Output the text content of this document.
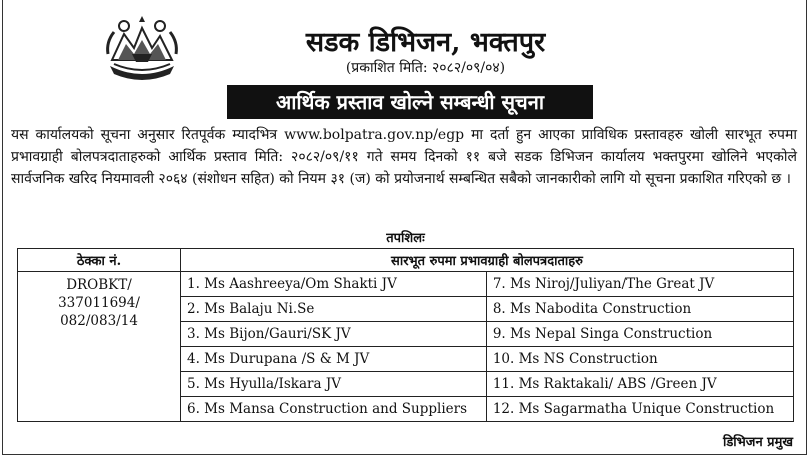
सडक डिभिजन, भक्तपुर
(प्रकाशित मिति: २०८२/०९/०४)
आर्थिक प्रस्ताव खोल्ने सम्बन्धी सूचना
यस कार्यालयको सूचना अनुसार रितपूर्वक म्यादभित्र www.bolpatra.gov.np/egp मा दर्ता हुन आएका प्राविधिक प्रस्तावहरु खोली सारभूत रुपमा प्रभावग्राही बोलपत्रदाताहरुको आर्थिक प्रस्ताव मिति: २०८२/०९/११ गते समय दिनको ११ बजे सडक डिभिजन कार्यालय भक्तपुरमा खोलिने भएकोले सार्वजनिक खरिद नियमावली २०६४ (संशोधन सहित) को नियम ३१ (ज) को प्रयोजनार्थ सम्बन्धित सबैको जानकारीको लागि यो सूचना प्रकाशित गरिएको छ ।
तपशिलः
ठेक्का नं.	सारभूत रुपमा प्रभावग्राही बोलपत्रदाताहरु	

DROBKT/
337011694/
082/083/14	1. Ms Aashreeya/Om Shakti JV	7. Ms Niroj/Juliyan/The Great JV
	2. Ms Balaju Ni.Se	8. Ms Nabodita Construction
	3. Ms Bijon/Gauri/SK JV	9. Ms Nepal Singa Construction
	4. Ms Durupana /S & M JV	10. Ms NS Construction
	5. Ms Hyulla/Iskara JV	11. Ms Raktakali/ ABS /Green JV
	6. Ms Mansa Construction and Suppliers	12. Ms Sagarmatha Unique Construction
डिभिजन प्रमुख
